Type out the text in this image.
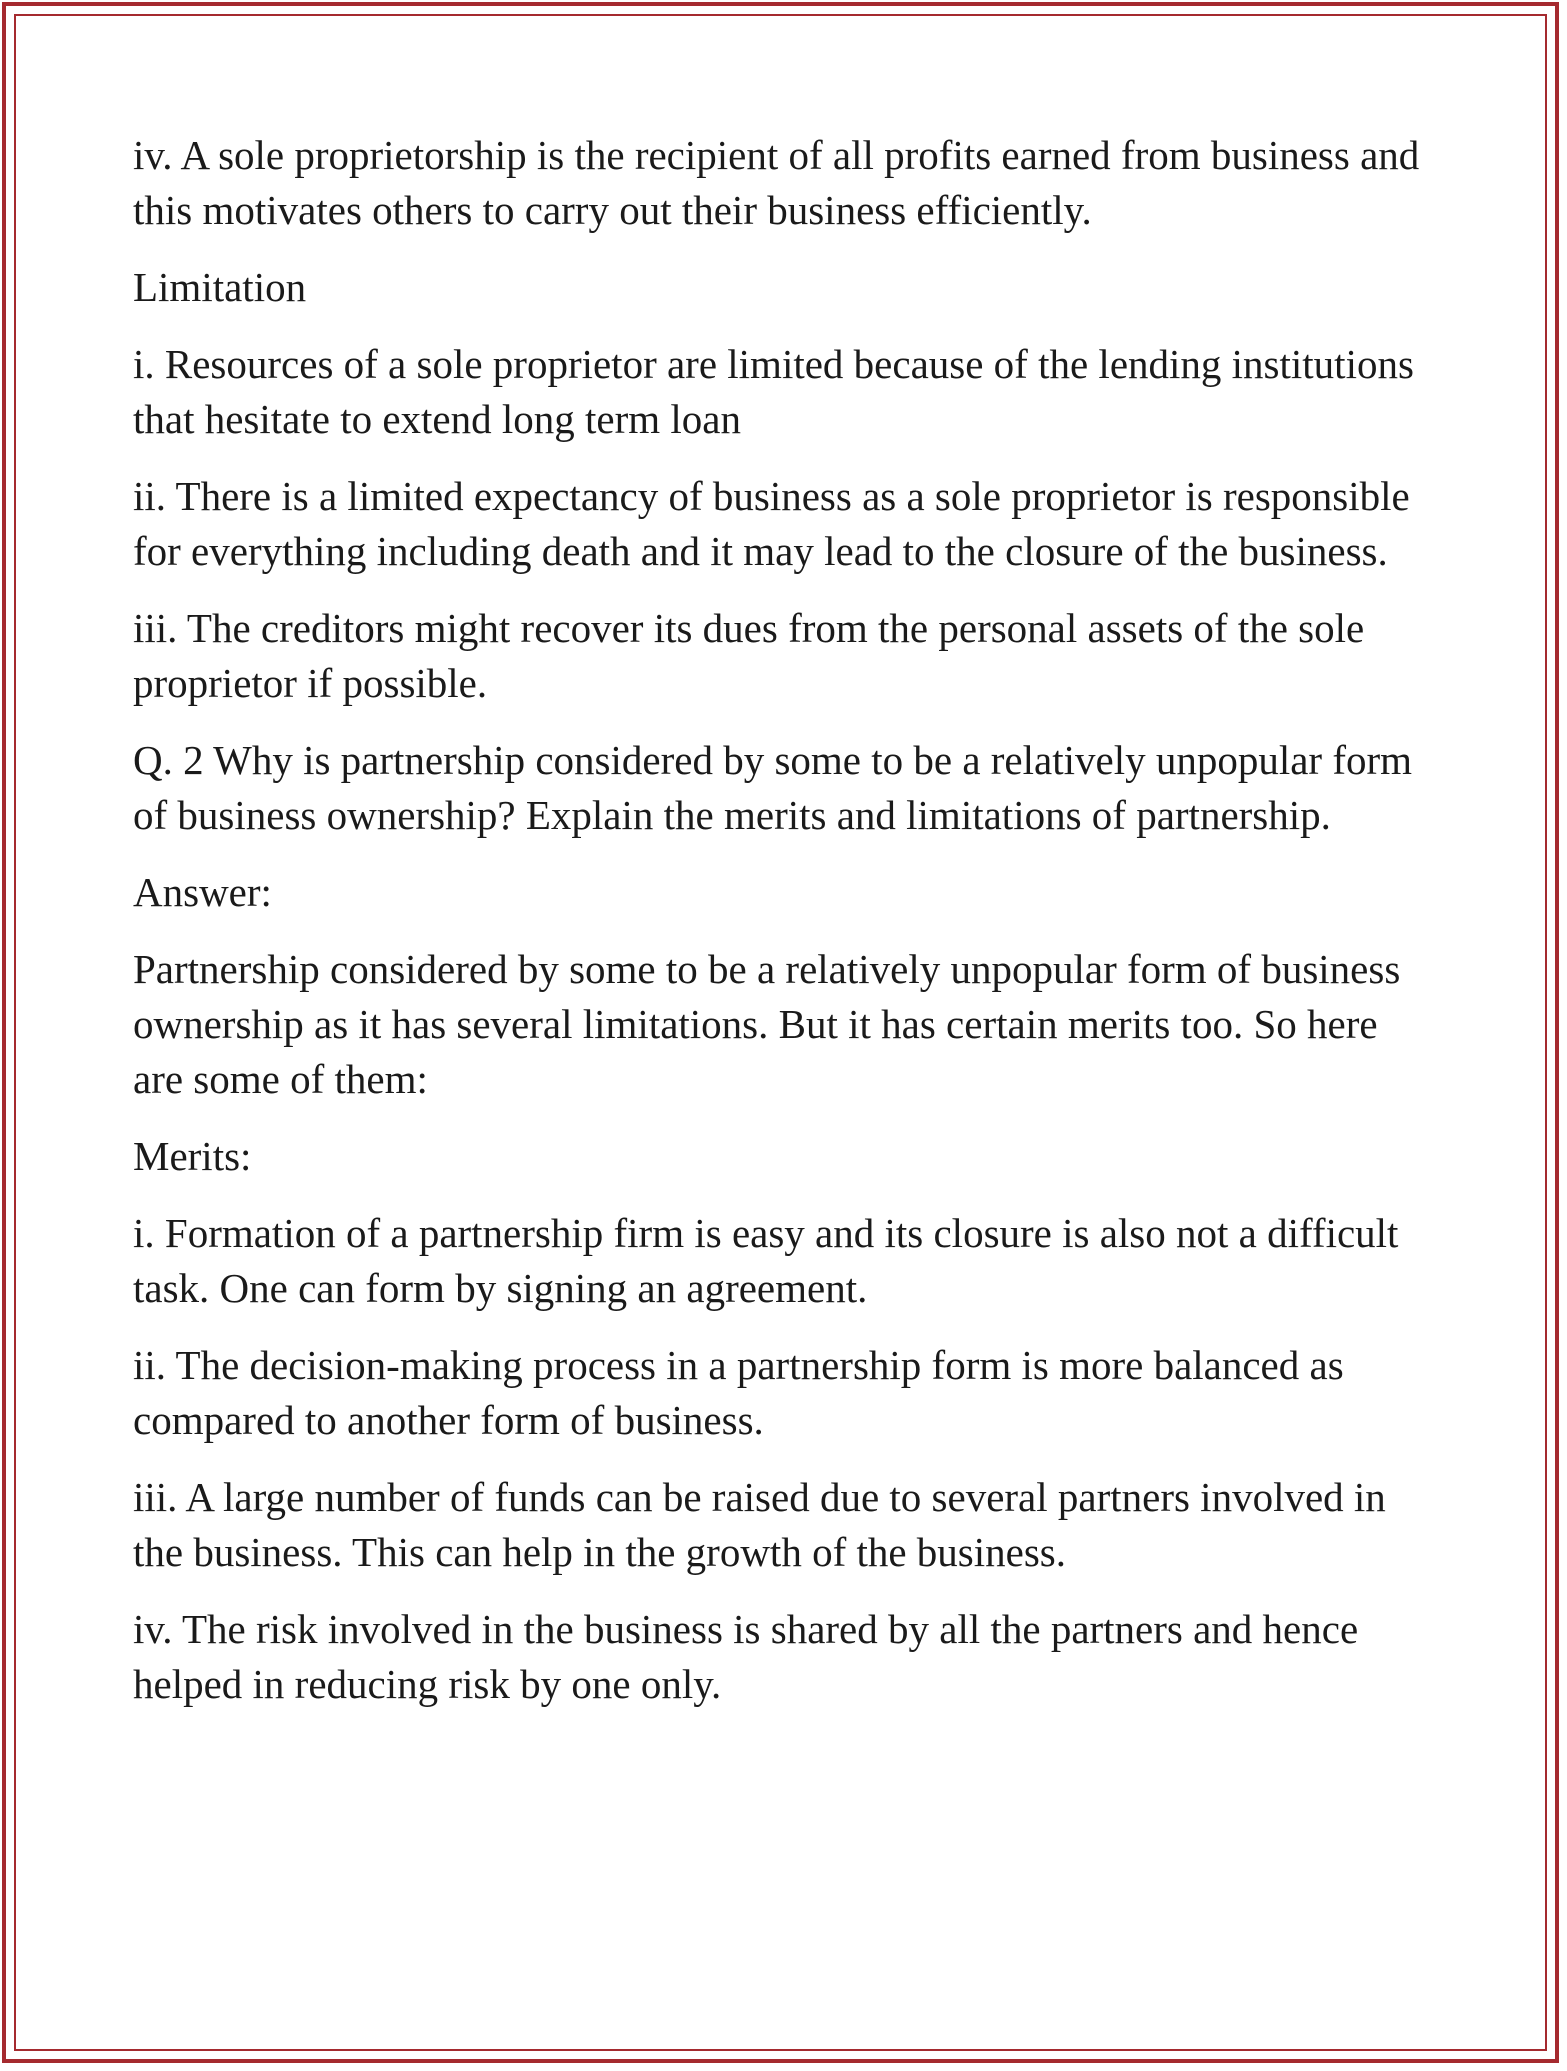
iv. A sole proprietorship is the recipient of all profits earned from business and this motivates others to carry out their business efficiently.

Limitation

i. Resources of a sole proprietor are limited because of the lending institutions that hesitate to extend long term loan

ii. There is a limited expectancy of business as a sole proprietor is responsible for everything including death and it may lead to the closure of the business.

iii. The creditors might recover its dues from the personal assets of the sole proprietor if possible.

Q. 2 Why is partnership considered by some to be a relatively unpopular form of business ownership? Explain the merits and limitations of partnership.

Answer:

Partnership considered by some to be a relatively unpopular form of business ownership as it has several limitations. But it has certain merits too. So here are some of them:

Merits:

i. Formation of a partnership firm is easy and its closure is also not a difficult task. One can form by signing an agreement.

ii. The decision-making process in a partnership form is more balanced as compared to another form of business.

iii. A large number of funds can be raised due to several partners involved in the business. This can help in the growth of the business.

iv. The risk involved in the business is shared by all the partners and hence helped in reducing risk by one only.
